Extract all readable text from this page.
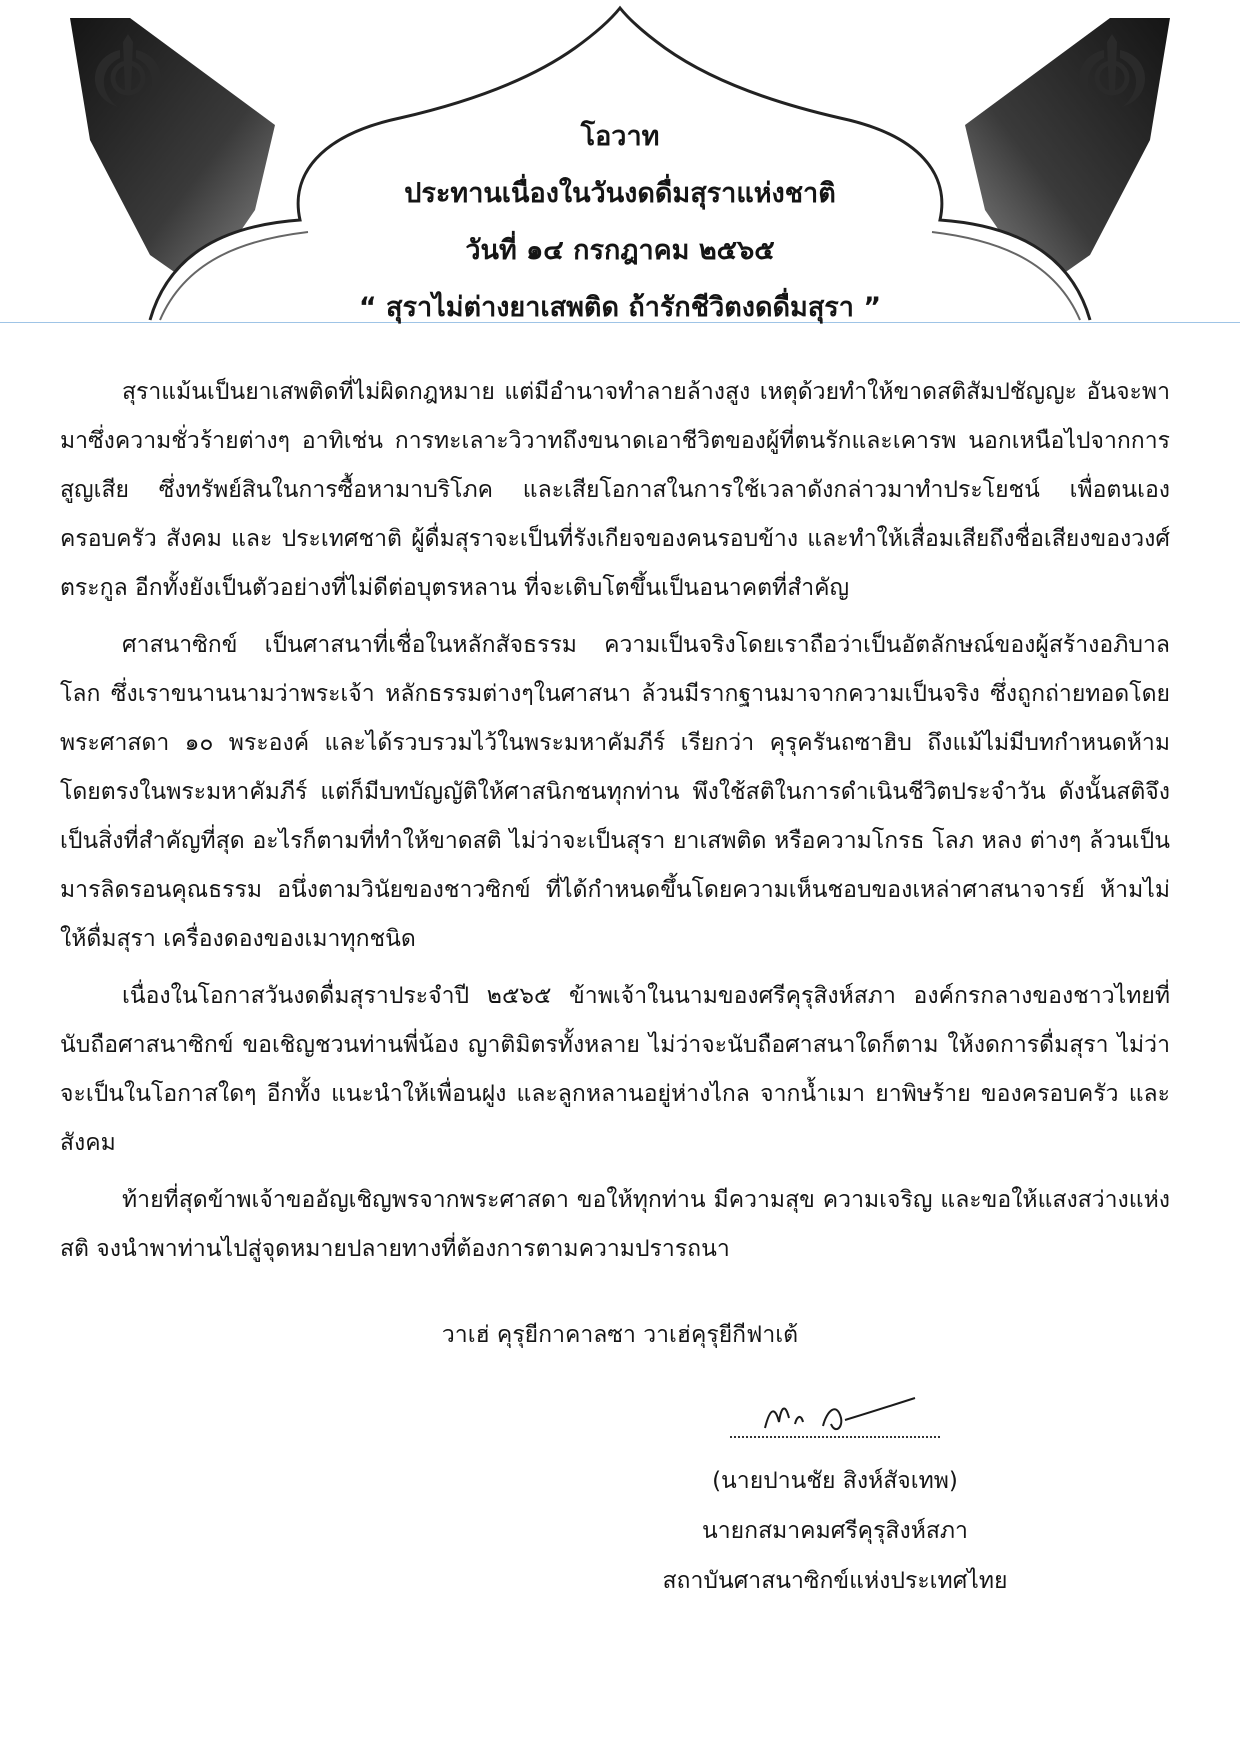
โอวาท
ประทานเนื่องในวันงดดื่มสุราแห่งชาติ
วันที่ ๑๔ กรกฎาคม ๒๕๖๕
“ สุราไม่ต่างยาเสพติด ถ้ารักชีวิตงดดื่มสุรา ”

สุราแม้นเป็นยาเสพติดที่ไม่ผิดกฎหมาย แต่มีอำนาจทำลายล้างสูง เหตุด้วยทำให้ขาดสติสัมปชัญญะ อันจะพามาซึ่งความชั่วร้ายต่างๆ อาทิเช่น การทะเลาะวิวาทถึงขนาดเอาชีวิตของผู้ที่ตนรักและเคารพ นอกเหนือไปจากการสูญเสีย ซึ่งทรัพย์สินในการซื้อหามาบริโภค และเสียโอกาสในการใช้เวลาดังกล่าวมาทำประโยชน์ เพื่อตนเอง ครอบครัว สังคม และ ประเทศชาติ ผู้ดื่มสุราจะเป็นที่รังเกียจของคนรอบข้าง และทำให้เสื่อมเสียถึงชื่อเสียงของวงศ์ตระกูล อีกทั้งยังเป็นตัวอย่างที่ไม่ดีต่อบุตรหลาน ที่จะเติบโตขึ้นเป็นอนาคตที่สำคัญ

ศาสนาซิกข์ เป็นศาสนาที่เชื่อในหลักสัจธรรม ความเป็นจริงโดยเราถือว่าเป็นอัตลักษณ์ของผู้สร้างอภิบาลโลก ซึ่งเราขนานนามว่าพระเจ้า หลักธรรมต่างๆในศาสนา ล้วนมีรากฐานมาจากความเป็นจริง ซึ่งถูกถ่ายทอดโดยพระศาสดา ๑๐ พระองค์ และได้รวบรวมไว้ในพระมหาคัมภีร์ เรียกว่า คุรุครันถซาฮิบ ถึงแม้ไม่มีบทกำหนดห้ามโดยตรงในพระมหาคัมภีร์ แต่ก็มีบทบัญญัติให้ศาสนิกชนทุกท่าน พึงใช้สติในการดำเนินชีวิตประจำวัน ดังนั้นสติจึงเป็นสิ่งที่สำคัญที่สุด อะไรก็ตามที่ทำให้ขาดสติ ไม่ว่าจะเป็นสุรา ยาเสพติด หรือความโกรธ โลภ หลง ต่างๆ ล้วนเป็นมารลิดรอนคุณธรรม อนึ่งตามวินัยของชาวซิกข์ ที่ได้กำหนดขึ้นโดยความเห็นชอบของเหล่าศาสนาจารย์ ห้ามไม่ให้ดื่มสุรา เครื่องดองของเมาทุกชนิด

เนื่องในโอกาสวันงดดื่มสุราประจำปี ๒๕๖๕ ข้าพเจ้าในนามของศรีคุรุสิงห์สภา องค์กรกลางของชาวไทยที่นับถือศาสนาซิกข์ ขอเชิญชวนท่านพี่น้อง ญาติมิตรทั้งหลาย ไม่ว่าจะนับถือศาสนาใดก็ตาม ให้งดการดื่มสุรา ไม่ว่าจะเป็นในโอกาสใดๆ อีกทั้ง แนะนำให้เพื่อนฝูง และลูกหลานอยู่ห่างไกล จากน้ำเมา ยาพิษร้าย ของครอบครัว และสังคม

ท้ายที่สุดข้าพเจ้าขออัญเชิญพรจากพระศาสดา ขอให้ทุกท่าน มีความสุข ความเจริญ และขอให้แสงสว่างแห่งสติ จงนำพาท่านไปสู่จุดหมายปลายทางที่ต้องการตามความปรารถนา

วาเฮ่ คุรุยีกาคาลซา วาเฮ่คุรุยีกีฟาเต้
(นายปานชัย สิงห์สัจเทพ)
นายกสมาคมศรีคุรุสิงห์สภา
สถาบันศาสนาซิกข์แห่งประเทศไทย
